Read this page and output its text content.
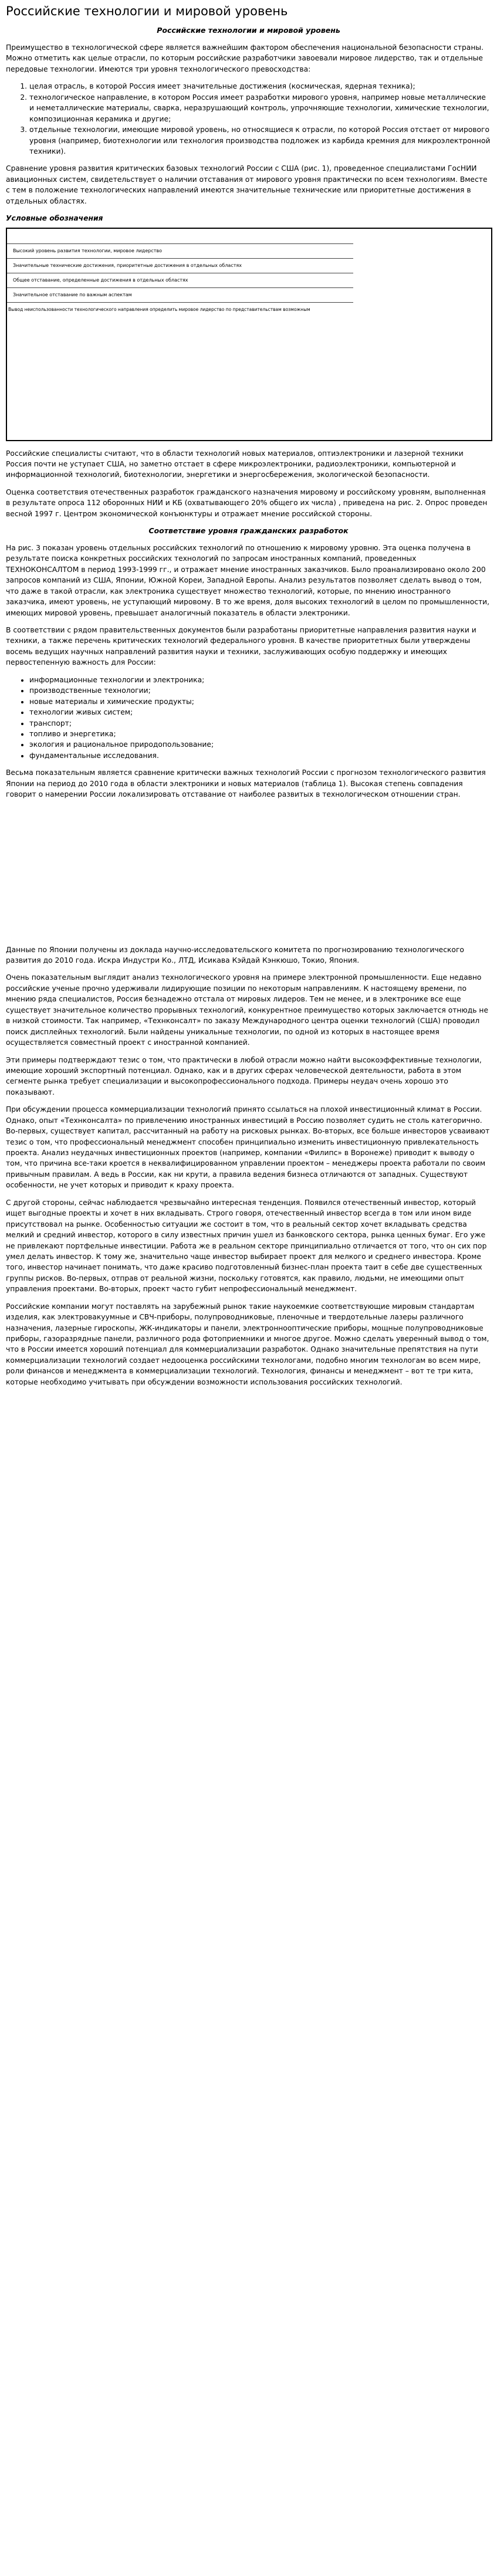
Российские технологии и мировой уровень
Российские технологии и мировой уровень

Преимущество в технологической сфере является важнейшим фактором обеспечения национальной безопасности страны. Можно отметить как целые отрасли, по которым российские разработчики завоевали мировое лидерство, так и отдельные передовые технологии. Имеются три уровня технологического превосходства:

1. целая отрасль, в которой Россия имеет значительные достижения (космическая, ядерная техника);
2. технологическое направление, в котором Россия имеет разработки мирового уровня, например новые металлические и неметаллические материалы, сварка, неразрушающий контроль, упрочняющие технологии, химические технологии, композиционная керамика и другие;
3. отдельные технологии, имеющие мировой уровень, но относящиеся к отрасли, по которой Россия отстает от мирового уровня (например, биотехнологии или технология производства подложек из карбида кремния для микроэлектронной техники).

Сравнение уровня развития критических базовых технологий России с США (рис. 1), проведенное специалистами ГосНИИ авиационных систем, свидетельствует о наличии отставания от мирового уровня практически по всем технологиям. Вместе с тем в положение технологических направлений имеются значительные технические или приоритетные достижения в отдельных областях.

Условные обозначения
Высокий уровень развития технологии, мировое лидерство
Значительные технические достижения, приоритетные достижения в отдельных областях
Общее отставание, определенные достижения в отдельных областях
Значительное отставание по важным аспектам
Вывод неиспользованности технологического направления определить мировое лидерство по представительствам возможным

Российские специалисты считают, что в области технологий новых материалов, оптиэлектроники и лазерной техники Россия почти не уступает США, но заметно отстает в сфере микроэлектроники, радиоэлектроники, компьютерной и информационной технологий, биотехнологии, энергетики и энергосбережения, экологической безопасности.

Оценка соответствия отечественных разработок гражданского назначения мировому и российскому уровням, выполненная в результате опроса 112 оборонных НИИ и КБ (охватывающего 20% общего их числа) , приведена на рис. 2. Опрос проведен весной 1997 г. Центром экономической конъюнктуры и отражает мнение российской стороны.

Соответствие уровня гражданских разработок

На рис. 3 показан уровень отдельных российских технологий по отношению к мировому уровню. Эта оценка получена в результате поиска конкретных российских технологий по запросам иностранных компаний, проведенных ТЕХНОКОНСАЛТОМ в период 1993-1999 гг., и отражает мнение иностранных заказчиков. Было проанализировано около 200 запросов компаний из США, Японии, Южной Кореи, Западной Европы. Анализ результатов позволяет сделать вывод о том, что даже в такой отрасли, как электроника существует множество технологий, которые, по мнению иностранного заказчика, имеют уровень, не уступающий мировому. В то же время, доля высоких технологий в целом по промышленности, имеющих мировой уровень, превышает аналогичный показатель в области электроники.

В соответствии с рядом правительственных документов были разработаны приоритетные направления развития науки и техники, а также перечень критических технологий федерального уровня. В качестве приоритетных были утверждены восемь ведущих научных направлений развития науки и техники, заслуживающих особую поддержку и имеющих первостепенную важность для России:

• информационные технологии и электроника;
• производственные технологии;
• новые материалы и химические продукты;
• технологии живых систем;
• транспорт;
• топливо и энергетика;
• экология и рациональное природопользование;
• фундаментальные исследования.

Весьма показательным является сравнение критически важных технологий России с прогнозом технологического развития Японии на период до 2010 года в области электроники и новых материалов (таблица 1). Высокая степень совпадения говорит о намерении России локализировать отставание от наиболее развитых в технологическом отношении стран.

Данные по Японии получены из доклада научно-исследовательского комитета по прогнозированию технологического развития до 2010 года. Искра Индустри Ко., ЛТД, Исикава Кэйдай Кэнкюшо, Токио, Япония.

Очень показательным выглядит анализ технологического уровня на примере электронной промышленности. Еще недавно российские ученые прочно удерживали лидирующие позиции по некоторым направлениям. К настоящему времени, по мнению ряда специалистов, Россия безнадежно отстала от мировых лидеров. Тем не менее, и в электронике все еще существует значительное количество прорывных технологий, конкурентное преимущество которых заключается отнюдь не в низкой стоимости. Так например, «Технконсалт» по заказу Международного центра оценки технологий (США) проводил поиск дисплейных технологий. Были найдены уникальные технологии, по одной из которых в настоящее время осуществляется совместный проект с иностранной компанией.

Эти примеры подтверждают тезис о том, что практически в любой отрасли можно найти высокоэффективные технологии, имеющие хороший экспортный потенциал. Однако, как и в других сферах человеческой деятельности, работа в этом сегменте рынка требует специализации и высокопрофессионального подхода. Примеры неудач очень хорошо это показывают.

При обсуждении процесса коммерциализации технологий принято ссылаться на плохой инвестиционный климат в России. Однако, опыт «Технконсалта» по привлечению иностранных инвестиций в Россию позволяет судить не столь категорично. Во-первых, существует капитал, рассчитанный на работу на рисковых рынках. Во-вторых, все больше инвесторов усваивают тезис о том, что профессиональный менеджмент способен принципиально изменить инвестиционную привлекательность проекта. Анализ неудачных инвестиционных проектов (например, компании «Филипс» в Воронеже) приводит к выводу о том, что причина все-таки кроется в неквалифицированном управлении проектом – менеджеры проекта работали по своим привычным правилам. А ведь в России, как ни крути, а правила ведения бизнеса отличаются от западных. Существуют особенности, не учет которых и приводит к краху проекта.

С другой стороны, сейчас наблюдается чрезвычайно интересная тенденция. Появился отечественный инвестор, который ищет выгодные проекты и хочет в них вкладывать. Строго говоря, отечественный инвестор всегда в том или ином виде присутствовал на рынке. Особенностью ситуации же состоит в том, что в реальный сектор хочет вкладывать средства мелкий и средний инвестор, которого в силу известных причин ушел из банковского сектора, рынка ценных бумаг. Его уже не привлекают портфельные инвестиции. Работа же в реальном секторе принципиально отличается от того, что он сих пор умел делать инвестор. К тому же, значительно чаще инвестор выбирает проект для мелкого и среднего инвестора. Кроме того, инвестор начинает понимать, что даже красиво подготовленный бизнес-план проекта таит в себе две существенных группы рисков. Во-первых, отправ от реальной жизни, поскольку готовятся, как правило, людьми, не имеющими опыт управления проектами. Во-вторых, проект часто губит непрофессиональный менеджмент.

Российские компании могут поставлять на зарубежный рынок такие наукоемкие соответствующие мировым стандартам изделия, как электровакуумные и СВЧ-приборы, полупроводниковые, пленочные и твердотельные лазеры различного назначения, лазерные гироскопы, ЖК-индикаторы и панели, электроннооптические приборы, мощные полупроводниковые приборы, газоразрядные панели, различного рода фотоприемники и многое другое. Можно сделать уверенный вывод о том, что в России имеется хороший потенциал для коммерциализации разработок. Однако значительные препятствия на пути коммерциализации технологий создает недооценка российскими технологами, подобно многим технологам во всем мире, роли финансов и менеджмента в коммерциализации технологий. Технология, финансы и менеджмент – вот те три кита, которые необходимо учитывать при обсуждении возможности использования российских технологий.
